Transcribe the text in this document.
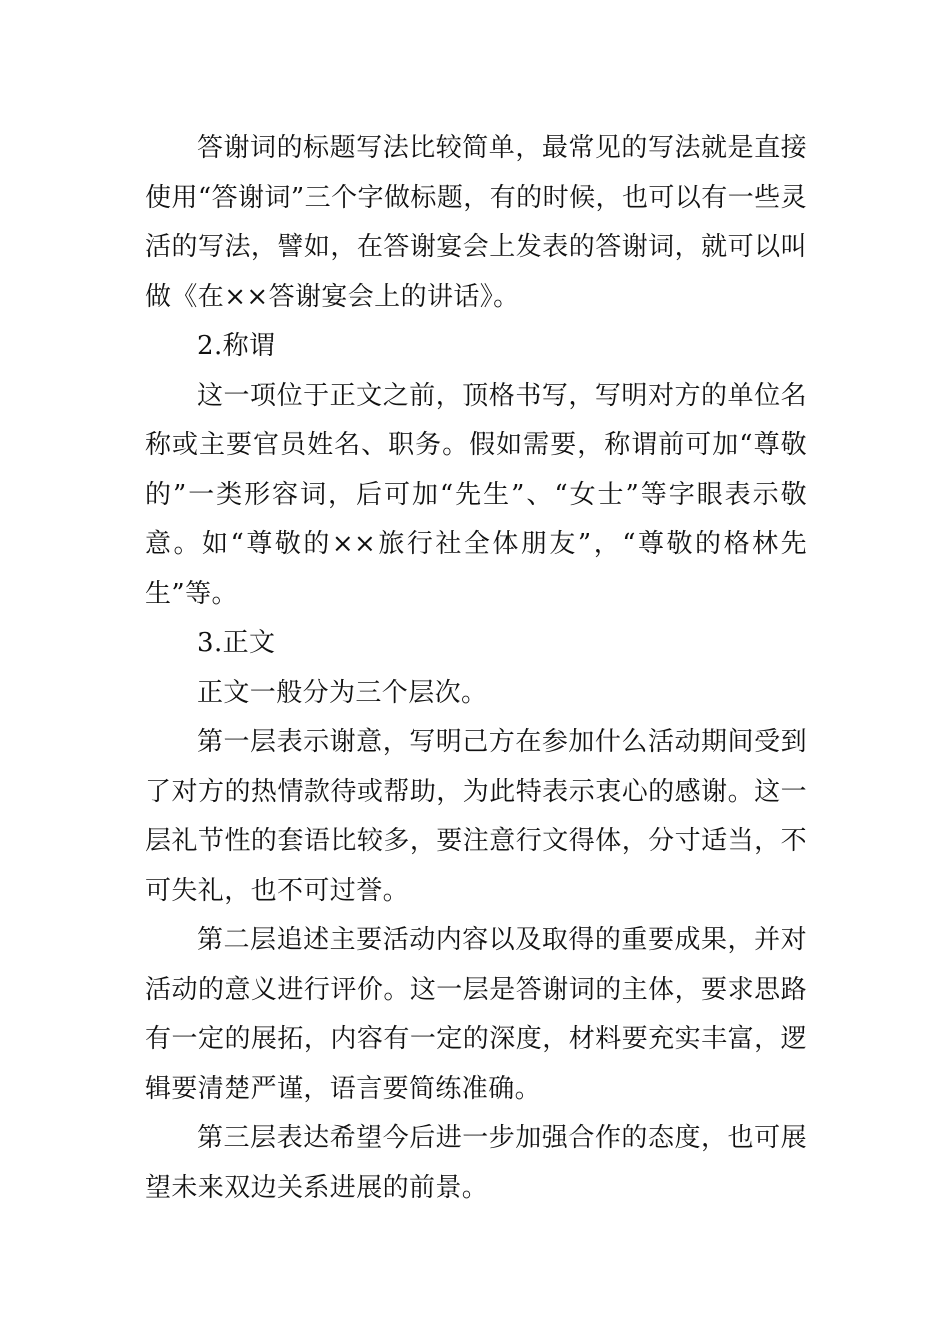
答谢词的标题写法比较简单，最常见的写法就是直接使用“答谢词”三个字做标题，有的时候，也可以有一些灵活的写法，譬如，在答谢宴会上发表的答谢词，就可以叫做《在××答谢宴会上的讲话》。

2.称谓

这一项位于正文之前，顶格书写，写明对方的单位名称或主要官员姓名、职务。假如需要，称谓前可加“尊敬的”一类形容词，后可加“先生”、“女士”等字眼表示敬意。如“尊敬的××旅行社全体朋友”，“尊敬的格林先生”等。

3.正文

正文一般分为三个层次。

第一层表示谢意，写明己方在参加什么活动期间受到了对方的热情款待或帮助，为此特表示衷心的感谢。这一层礼节性的套语比较多，要注意行文得体，分寸适当，不可失礼，也不可过誉。

第二层追述主要活动内容以及取得的重要成果，并对活动的意义进行评价。这一层是答谢词的主体，要求思路有一定的展拓，内容有一定的深度，材料要充实丰富，逻辑要清楚严谨，语言要简练准确。

第三层表达希望今后进一步加强合作的态度，也可展望未来双边关系进展的前景。
